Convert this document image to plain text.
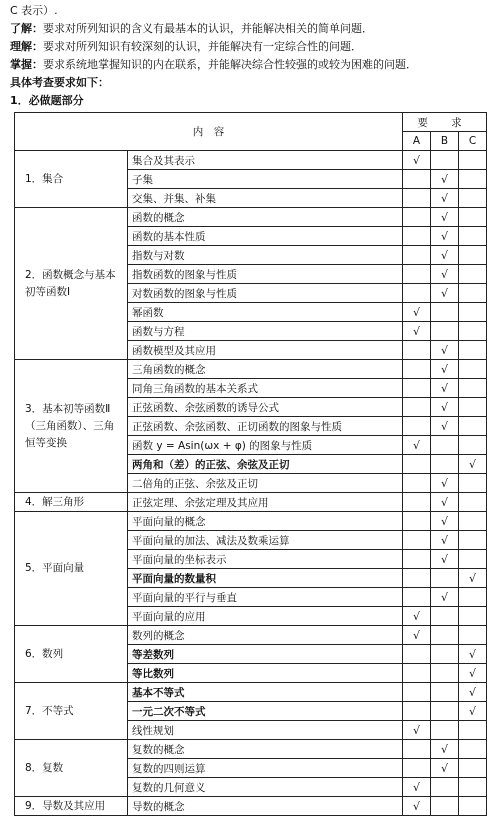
C 表示）.

了解：要求对所列知识的含义有最基本的认识，并能解决相关的简单问题．

理解：要求对所列知识有较深刻的认识，并能解决有一定综合性的问题．

掌握：要求系统地掌握知识的内在联系，并能解决综合性较强的或较为困难的问题．

具体考查要求如下：

1．必做题部分
内　容		要 求		
		A	B	C
1．集合	集合及其表示	√		
	子集		√	
	交集、并集、补集		√	
2．函数概念与基本初等函数Ⅰ	函数的概念		√	
	函数的基本性质		√	
	指数与对数		√	
	指数函数的图象与性质		√	
	对数函数的图象与性质		√	
	幂函数	√		
	函数与方程	√		
	函数模型及其应用		√	
3．基本初等函数Ⅱ（三角函数）、三角恒等变换	三角函数的概念		√	
	同角三角函数的基本关系式		√	
	正弦函数、余弦函数的诱导公式		√	
	正弦函数、余弦函数、正切函数的图象与性质		√	
	函数 y = Asin(ωx + φ) 的图象与性质	√		
	两角和（差）的正弦、余弦及正切			√
	二倍角的正弦、余弦及正切		√	
4．解三角形	正弦定理、余弦定理及其应用		√	
5．平面向量	平面向量的概念		√	
	平面向量的加法、减法及数乘运算		√	
	平面向量的坐标表示		√	
	平面向量的数量积			√
	平面向量的平行与垂直		√	
	平面向量的应用	√		
6．数列	数列的概念	√		
	等差数列			√
	等比数列			√
7．不等式	基本不等式			√
	一元二次不等式			√
	线性规划	√		
8．复数	复数的概念		√	
	复数的四则运算		√	
	复数的几何意义	√		
9．导数及其应用	导数的概念	√		
